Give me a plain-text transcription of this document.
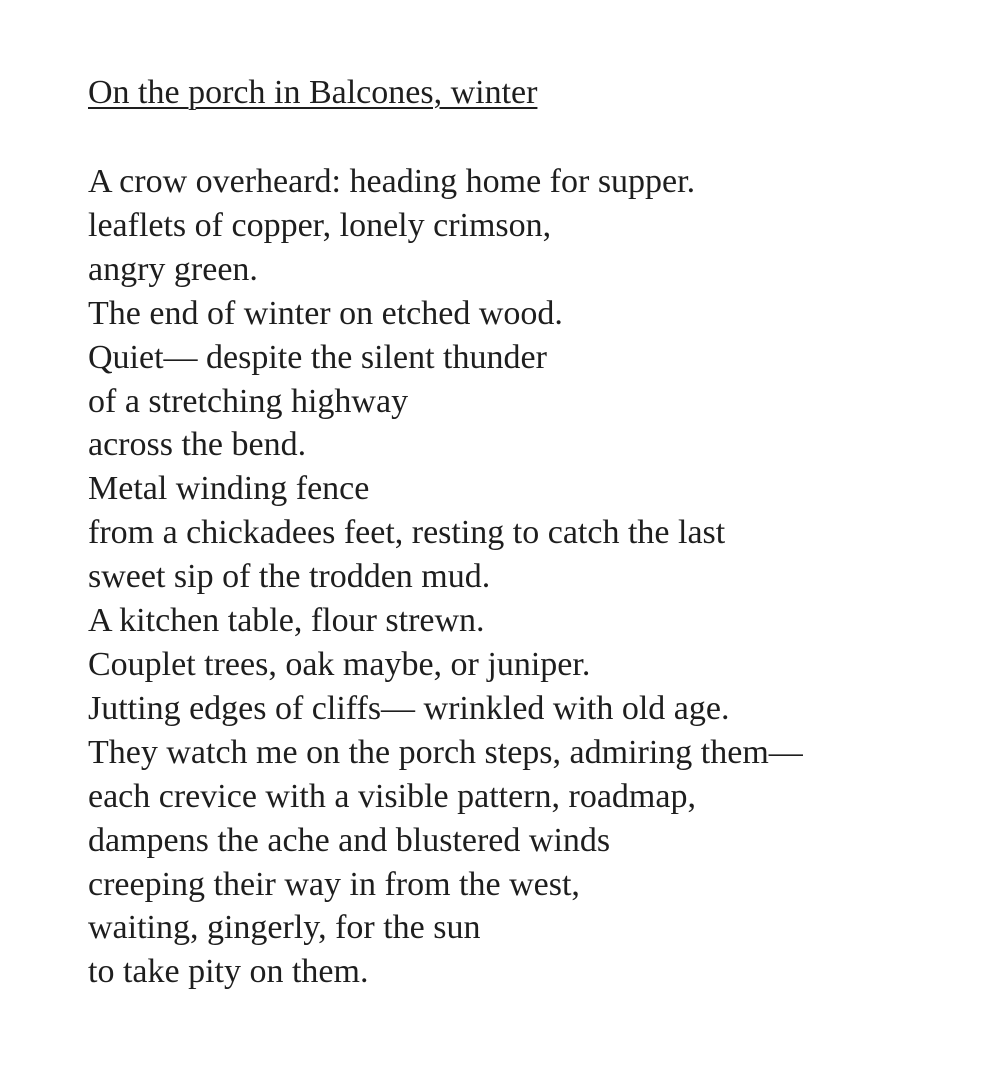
On the porch in Balcones, winter
A crow overheard: heading home for supper.
leaflets of copper, lonely crimson,
angry green.
The end of winter on etched wood.
Quiet— despite the silent thunder
of a stretching highway
across the bend.
Metal winding fence
from a chickadees feet, resting to catch the last
sweet sip of the trodden mud.
A kitchen table, flour strewn.
Couplet trees, oak maybe, or juniper.
Jutting edges of cliffs— wrinkled with old age.
They watch me on the porch steps, admiring them—
each crevice with a visible pattern, roadmap,
dampens the ache and blustered winds
creeping their way in from the west,
waiting, gingerly, for the sun
to take pity on them.
